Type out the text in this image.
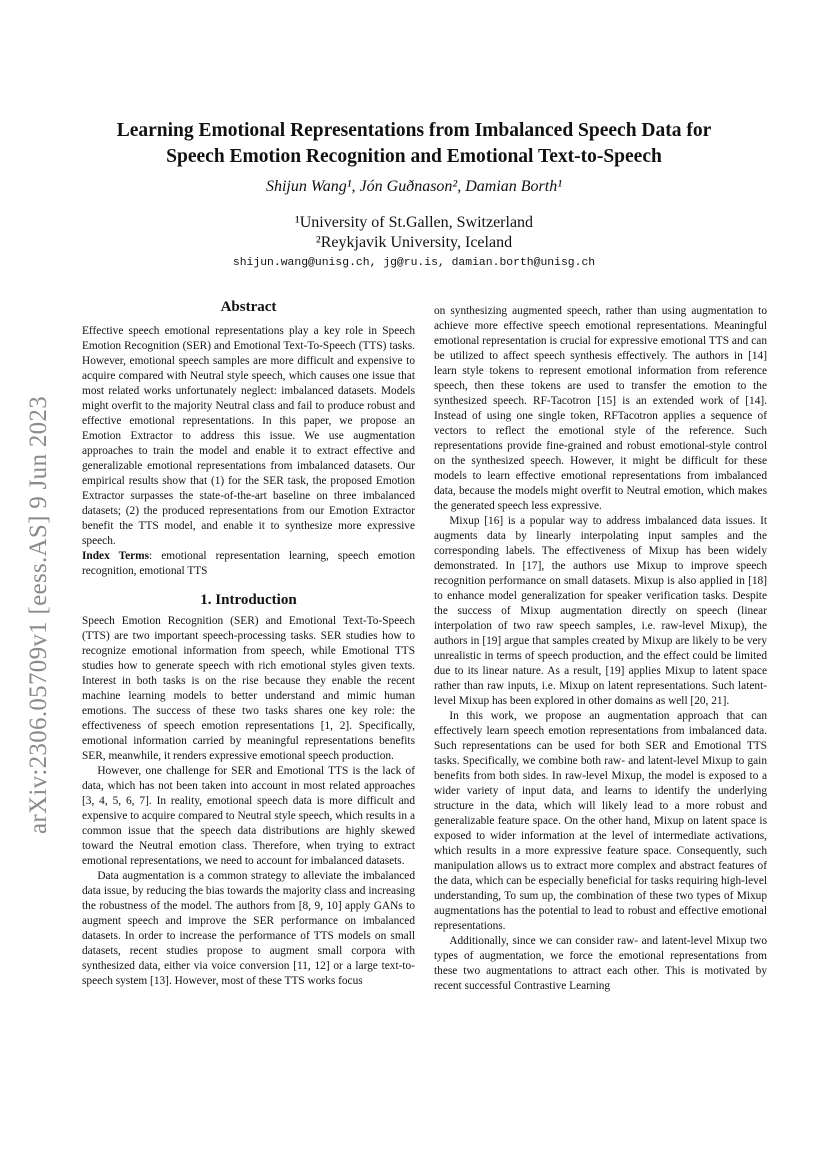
arXiv:2306.05709v1 [eess.AS] 9 Jun 2023
Learning Emotional Representations from Imbalanced Speech Data for
Speech Emotion Recognition and Emotional Text-to-Speech
Shijun Wang¹, Jón Guðnason², Damian Borth¹
¹University of St.Gallen, Switzerland
²Reykjavik University, Iceland
shijun.wang@unisg.ch, jg@ru.is, damian.borth@unisg.ch
Abstract

Effective speech emotional representations play a key role in Speech Emotion Recognition (SER) and Emotional Text-To-Speech (TTS) tasks. However, emotional speech samples are more difficult and expensive to acquire compared with Neutral style speech, which causes one issue that most related works unfortunately neglect: imbalanced datasets. Models might overfit to the majority Neutral class and fail to produce robust and effective emotional representations. In this paper, we propose an Emotion Extractor to address this issue. We use augmentation approaches to train the model and enable it to extract effective and generalizable emotional representations from imbalanced datasets. Our empirical results show that (1) for the SER task, the proposed Emotion Extractor surpasses the state-of-the-art baseline on three imbalanced datasets; (2) the produced representations from our Emotion Extractor benefit the TTS model, and enable it to synthesize more expressive speech.

Index Terms: emotional representation learning, speech emotion recognition, emotional TTS

1. Introduction

Speech Emotion Recognition (SER) and Emotional Text-To-Speech (TTS) are two important speech-processing tasks. SER studies how to recognize emotional information from speech, while Emotional TTS studies how to generate speech with rich emotional styles given texts. Interest in both tasks is on the rise because they enable the recent machine learning models to better understand and mimic human emotions. The success of these two tasks shares one key role: the effectiveness of speech emotion representations [1, 2]. Specifically, emotional information carried by meaningful representations benefits SER, meanwhile, it renders expressive emotional speech production.

However, one challenge for SER and Emotional TTS is the lack of data, which has not been taken into account in most related approaches [3, 4, 5, 6, 7]. In reality, emotional speech data is more difficult and expensive to acquire compared to Neutral style speech, which results in a common issue that the speech data distributions are highly skewed toward the Neutral emotion class. Therefore, when trying to extract emotional representations, we need to account for imbalanced datasets.

Data augmentation is a common strategy to alleviate the imbalanced data issue, by reducing the bias towards the majority class and increasing the robustness of the model. The authors from [8, 9, 10] apply GANs to augment speech and improve the SER performance on imbalanced datasets. In order to increase the performance of TTS models on small datasets, recent studies propose to augment small corpora with synthesized data, either via voice conversion [11, 12] or a large text-to-speech system [13]. However, most of these TTS works focus

on synthesizing augmented speech, rather than using augmentation to achieve more effective speech emotional representations. Meaningful emotional representation is crucial for expressive emotional TTS and can be utilized to affect speech synthesis effectively. The authors in [14] learn style tokens to represent emotional information from reference speech, then these tokens are used to transfer the emotion to the synthesized speech. RF-Tacotron [15] is an extended work of [14]. Instead of using one single token, RFTacotron applies a sequence of vectors to reflect the emotional style of the reference. Such representations provide fine-grained and robust emotional-style control on the synthesized speech. However, it might be difficult for these models to learn effective emotional representations from imbalanced data, because the models might overfit to Neutral emotion, which makes the generated speech less expressive.

Mixup [16] is a popular way to address imbalanced data issues. It augments data by linearly interpolating input samples and the corresponding labels. The effectiveness of Mixup has been widely demonstrated. In [17], the authors use Mixup to improve speech recognition performance on small datasets. Mixup is also applied in [18] to enhance model generalization for speaker verification tasks. Despite the success of Mixup augmentation directly on speech (linear interpolation of two raw speech samples, i.e. raw-level Mixup), the authors in [19] argue that samples created by Mixup are likely to be very unrealistic in terms of speech production, and the effect could be limited due to its linear nature. As a result, [19] applies Mixup to latent space rather than raw inputs, i.e. Mixup on latent representations. Such latent-level Mixup has been explored in other domains as well [20, 21].

In this work, we propose an augmentation approach that can effectively learn speech emotion representations from imbalanced data. Such representations can be used for both SER and Emotional TTS tasks. Specifically, we combine both raw- and latent-level Mixup to gain benefits from both sides. In raw-level Mixup, the model is exposed to a wider variety of input data, and learns to identify the underlying structure in the data, which will likely lead to a more robust and generalizable feature space. On the other hand, Mixup on latent space is exposed to wider information at the level of intermediate activations, which results in a more expressive feature space. Consequently, such manipulation allows us to extract more complex and abstract features of the data, which can be especially beneficial for tasks requiring high-level understanding, To sum up, the combination of these two types of Mixup augmentations has the potential to lead to robust and effective emotional representations.

Additionally, since we can consider raw- and latent-level Mixup two types of augmentation, we force the emotional representations from these two augmentations to attract each other. This is motivated by recent successful Contrastive Learning
